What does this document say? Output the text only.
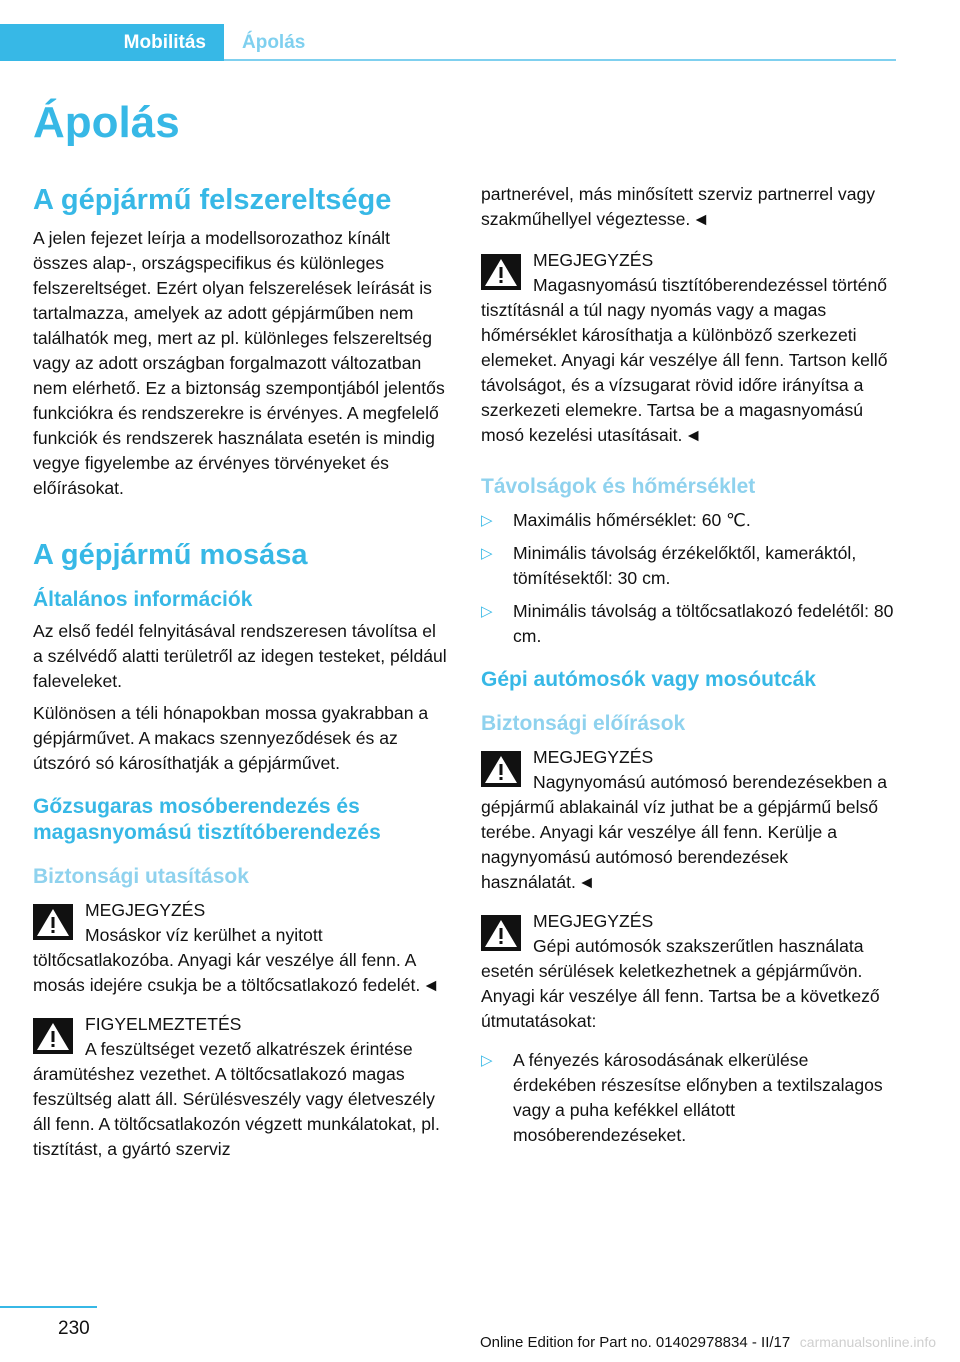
Mobilitás	Ápolás
Ápolás
A gépjármű felszereltsége

A jelen fejezet leírja a modellsorozathoz kínált összes alap-, országspecifikus és különleges felszereltséget. Ezért olyan felszerelések leírását is tartalmazza, amelyek az adott gépjárműben nem találhatók meg, mert az pl. különleges felszereltség vagy az adott országban forgalmazott változatban nem elérhető. Ez a biztonság szempontjából jelentős funkciókra és rendszerekre is érvényes. A megfelelő funkciók és rendszerek használata esetén is mindig vegye figyelembe az érvényes törvényeket és előírásokat.

A gépjármű mosása
Általános információk

Az első fedél felnyitásával rendszeresen távolítsa el a szélvédő alatti területről az idegen testeket, például faleveleket.

Különösen a téli hónapokban mossa gyakrabban a gépjárművet. A makacs szennyeződések és az útszóró só károsíthatják a gépjárművet.

Gőzsugaras mosóberendezés és magasnyomású tisztítóberendezés
Biztonsági utasítások
MEGJEGYZÉS
Mosáskor víz kerülhet a nyitott töltőcsatlakozóba. Anyagi kár veszélye áll fenn. A mosás idejére csukja be a töltőcsatlakozó fedelét. ◄
FIGYELMEZTETÉS
A feszültséget vezető alkatrészek érintése áramütéshez vezethet. A töltőcsatlakozó magas feszültség alatt áll. Sérülésveszély vagy életveszély áll fenn. A töltőcsatlakozón végzett munkálatokat, pl. tisztítást, a gyártó szerviz

partnerével, más minősített szerviz partnerrel vagy szakműhellyel végeztesse. ◄

MEGJEGYZÉS
Magasnyomású tisztítóberendezéssel történő tisztításnál a túl nagy nyomás vagy a magas hőmérséklet károsíthatja a különböző szerkezeti elemeket. Anyagi kár veszélye áll fenn. Tartson kellő távolságot, és a vízsugarat rövid időre irányítsa a szerkezeti elemekre. Tartsa be a magasnyomású mosó kezelési utasításait. ◄
Távolságok és hőmérséklet
▷ Maximális hőmérséklet: 60 ℃.
▷ Minimális távolság érzékelőktől, kameráktól, tömítésektől: 30 cm.
▷ Minimális távolság a töltőcsatlakozó fedelétől: 80 cm.
Gépi autómosók vagy mosóutcák
Biztonsági előírások
MEGJEGYZÉS
Nagynyomású autómosó berendezésekben a gépjármű ablakainál víz juthat be a gépjármű belső terébe. Anyagi kár veszélye áll fenn. Kerülje a nagynyomású autómosó berendezések használatát. ◄
MEGJEGYZÉS
Gépi autómosók szakszerűtlen használata esetén sérülések keletkezhetnek a gépjárművön. Anyagi kár veszélye áll fenn. Tartsa be a következő útmutatásokat:
▷ A fényezés károsodásának elkerülése érdekében részesítse előnyben a textilszalagos vagy a puha kefékkel ellátott mosóberendezéseket.
230
Online Edition for Part no. 01402978834 - II/17 carmanualsonline.info
